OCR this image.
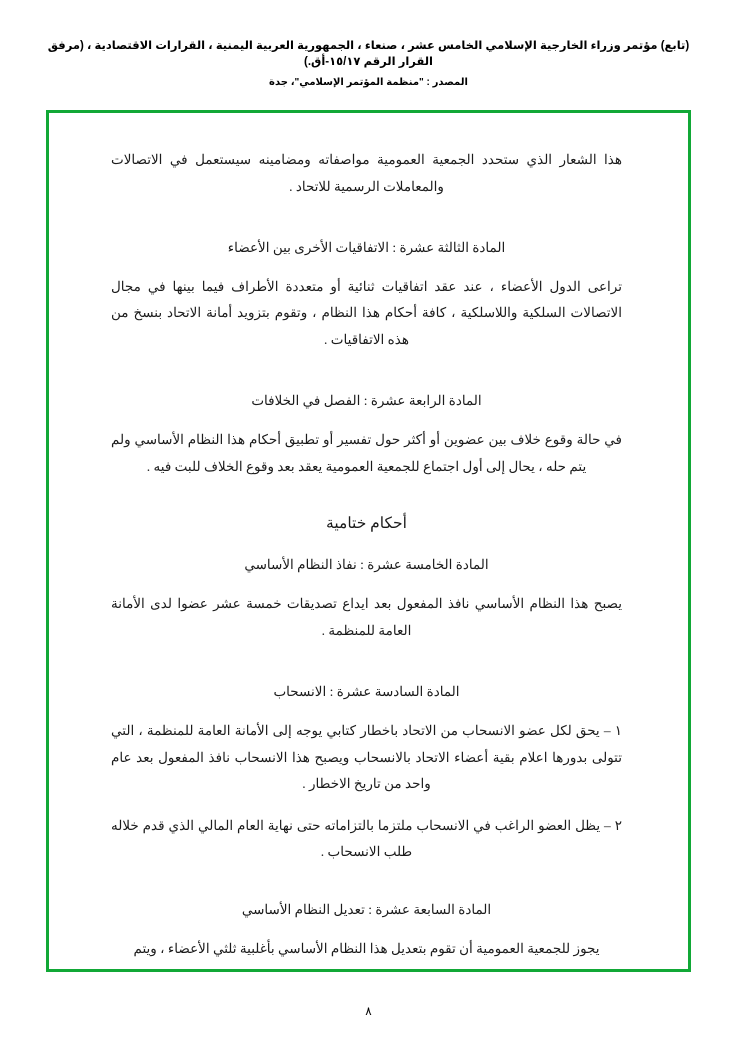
(تابع) مؤتمر وزراء الخارجية الإسلامي الخامس عشر ، صنعاء ، الجمهورية العربية اليمنية ، القرارات الاقتصادية ، (مرفق القرار الرقم ١٥/١٧-أق.)
المصدر : "منظمة المؤتمر الإسلامي"، جدة

هذا الشعار الذي ستحدد الجمعية العمومية مواصفاته ومضامينه سيستعمل في الاتصالات والمعاملات الرسمية للاتحاد .

المادة الثالثة عشرة : الاتفاقيات الأخرى بين الأعضاء

تراعى الدول الأعضاء ، عند عقد اتفاقيات ثنائية أو متعددة الأطراف فيما بينها في مجال الاتصالات السلكية واللاسلكية ، كافة أحكام هذا النظام ، وتقوم بتزويد أمانة الاتحاد بنسخ من هذه الاتفاقيات .

المادة الرابعة عشرة : الفصل في الخلافات

في حالة وقوع خلاف بين عضوين أو أكثر حول تفسير أو تطبيق أحكام هذا النظام الأساسي ولم يتم حله ، يحال إلى أول اجتماع للجمعية العمومية يعقد بعد وقوع الخلاف للبت فيه .

أحكام ختامية
المادة الخامسة عشرة : نفاذ النظام الأساسي

يصبح هذا النظام الأساسي نافذ المفعول بعد ايداع تصديقات خمسة عشر عضوا لدى الأمانة العامة للمنظمة .

المادة السادسة عشرة : الانسحاب
١ – يحق لكل عضو الانسحاب من الاتحاد باخطار كتابي يوجه إلى الأمانة العامة للمنظمة ، التي تتولى بدورها اعلام بقية أعضاء الاتحاد بالانسحاب ويصبح هذا الانسحاب نافذ المفعول بعد عام واحد من تاريخ الاخطار .
٢ – يظل العضو الراغب في الانسحاب ملتزما بالتزاماته حتى نهاية العام المالي الذي قدم خلاله طلب الانسحاب .
المادة السابعة عشرة : تعديل النظام الأساسي

يجوز للجمعية العمومية أن تقوم بتعديل هذا النظام الأساسي بأغلبية ثلثي الأعضاء ، ويتم

٨
